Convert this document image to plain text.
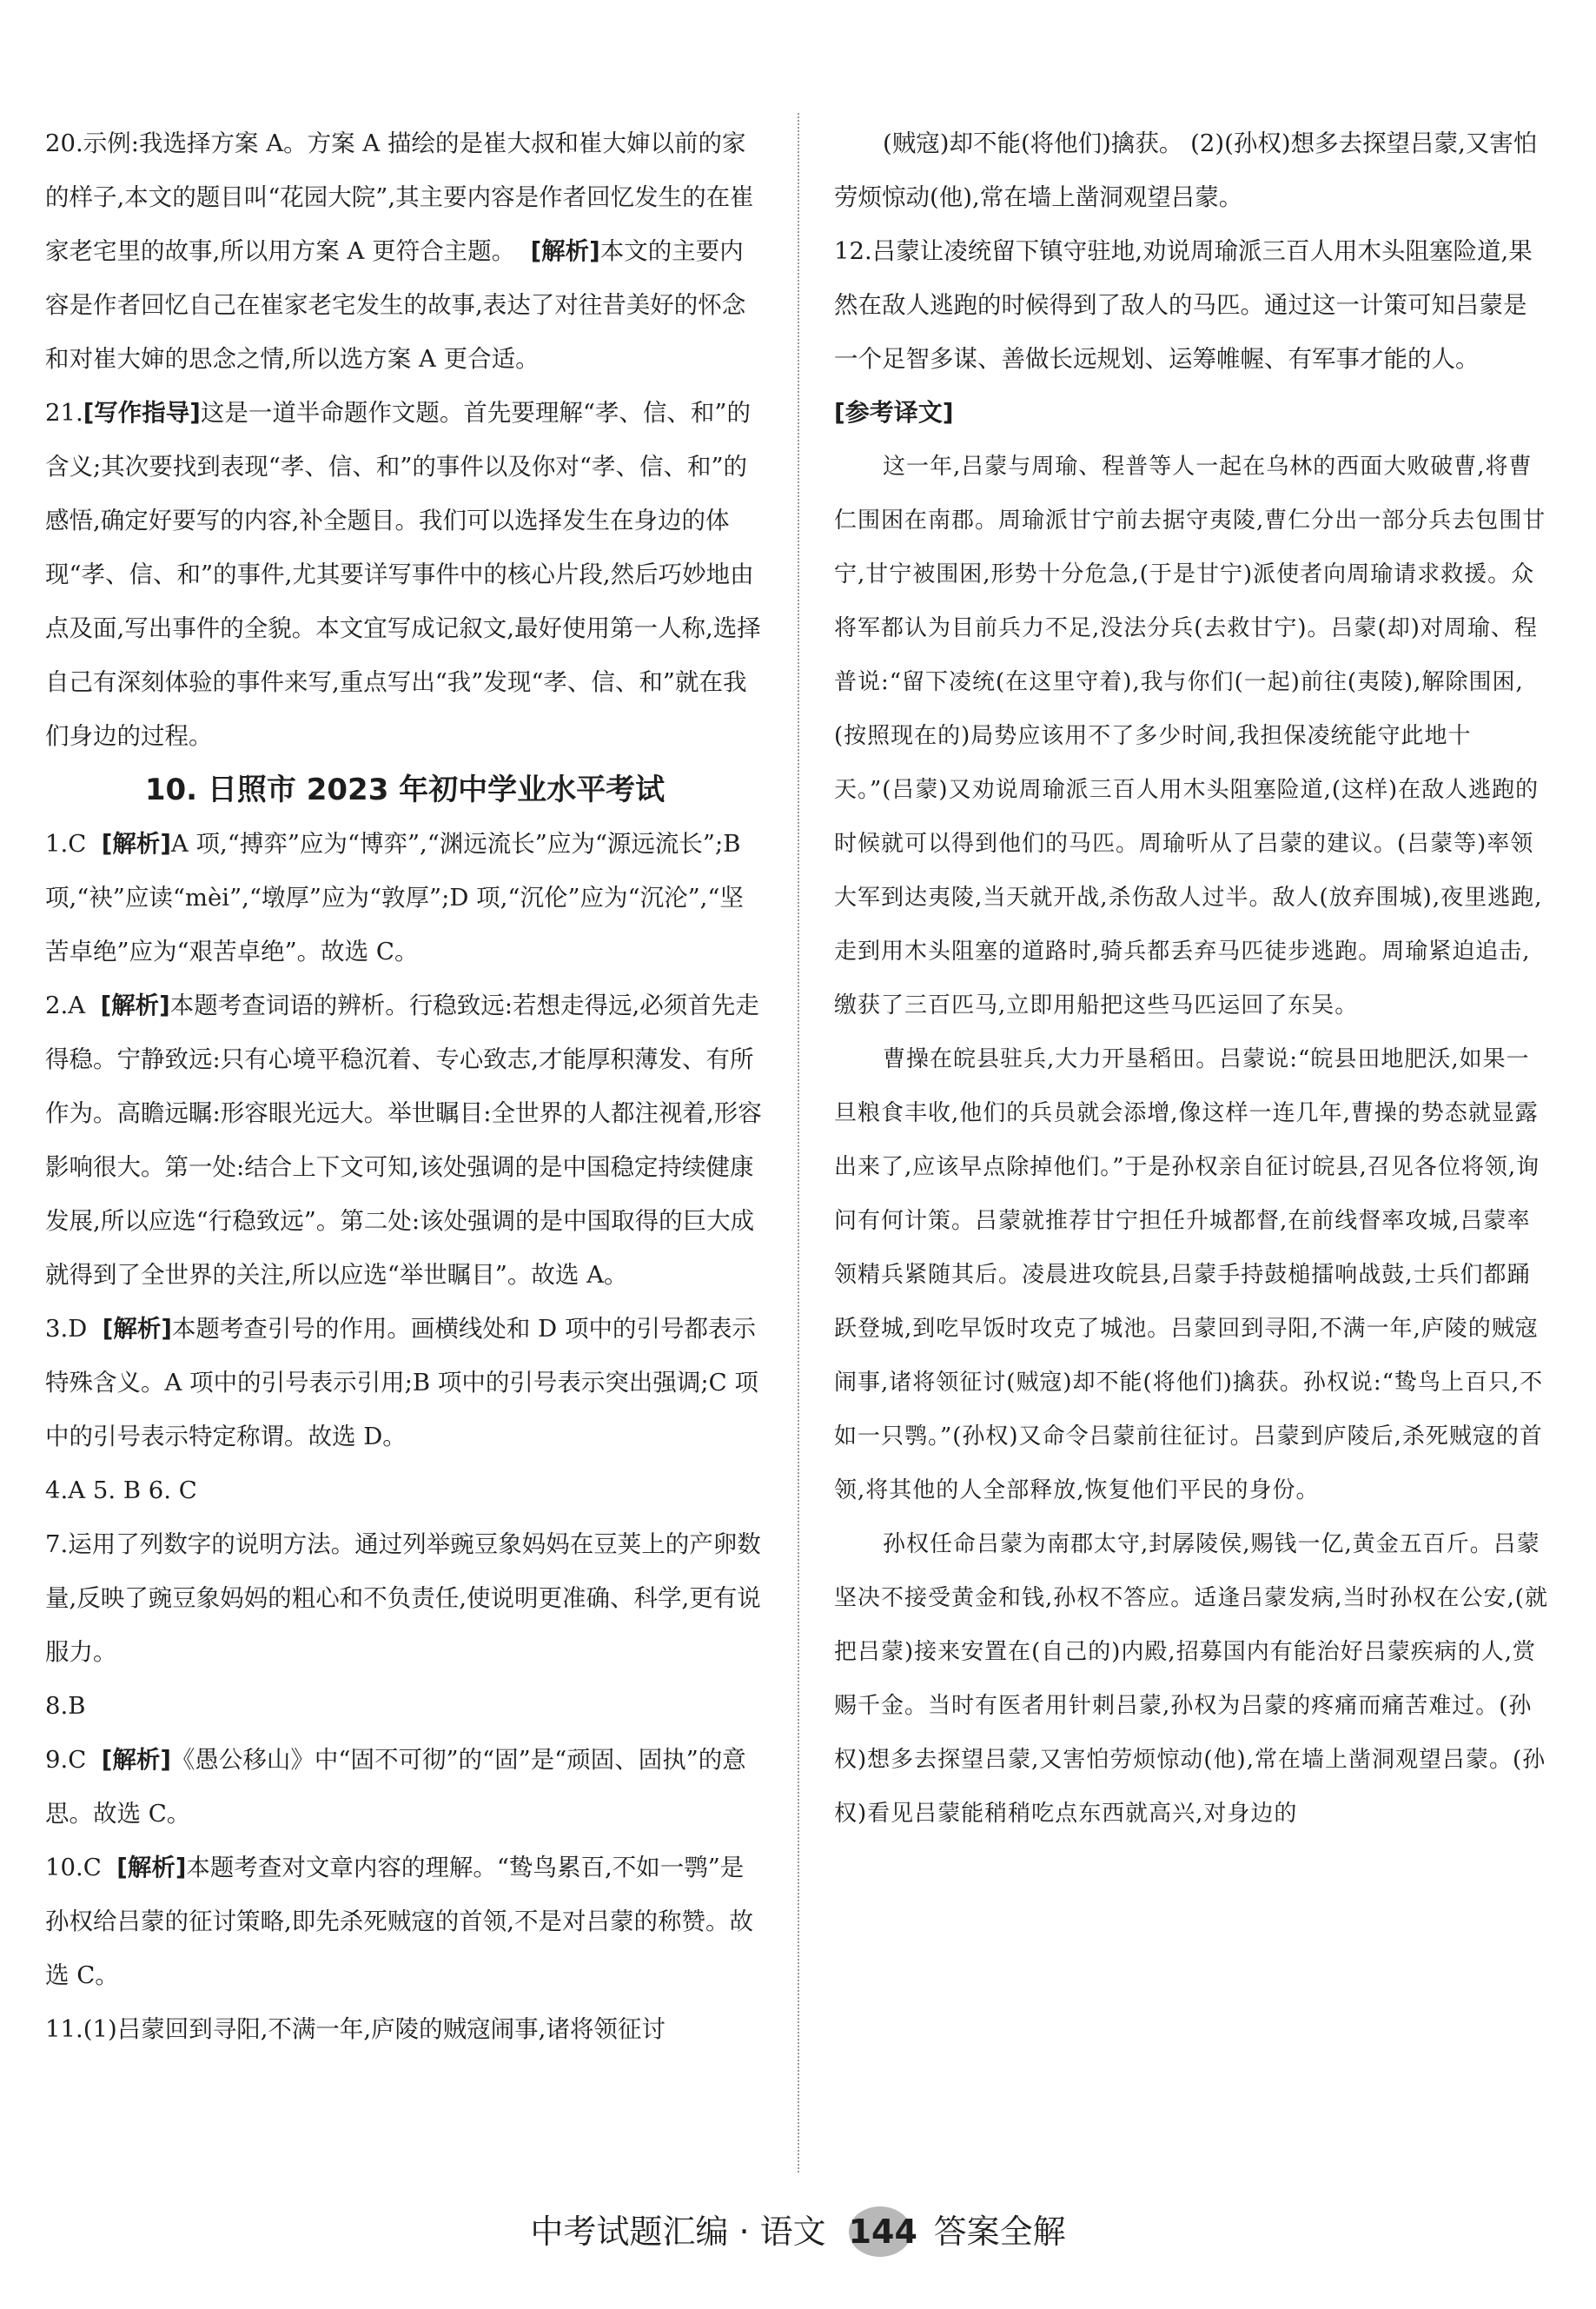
20.示例:我选择方案 A。方案 A 描绘的是崔大叔和崔大婶以前的家的样子,本文的题目叫“花园大院”,其主要内容是作者回忆发生的在崔家老宅里的故事,所以用方案 A 更符合主题。 [解析]本文的主要内容是作者回忆自己在崔家老宅发生的故事,表达了对往昔美好的怀念和对崔大婶的思念之情,所以选方案 A 更合适。

21.[写作指导]这是一道半命题作文题。首先要理解“孝、信、和”的含义;其次要找到表现“孝、信、和”的事件以及你对“孝、信、和”的感悟,确定好要写的内容,补全题目。我们可以选择发生在身边的体现“孝、信、和”的事件,尤其要详写事件中的核心片段,然后巧妙地由点及面,写出事件的全貌。本文宜写成记叙文,最好使用第一人称,选择自己有深刻体验的事件来写,重点写出“我”发现“孝、信、和”就在我们身边的过程。

10. 日照市 2023 年初中学业水平考试

1.C [解析]A 项,“搏弈”应为“博弈”,“渊远流长”应为“源远流长”;B 项,“袂”应读“mèi”,“墩厚”应为“敦厚”;D 项,“沉伦”应为“沉沦”,“坚苦卓绝”应为“艰苦卓绝”。故选 C。

2.A [解析]本题考查词语的辨析。行稳致远:若想走得远,必须首先走得稳。宁静致远:只有心境平稳沉着、专心致志,才能厚积薄发、有所作为。高瞻远瞩:形容眼光远大。举世瞩目:全世界的人都注视着,形容影响很大。第一处:结合上下文可知,该处强调的是中国稳定持续健康发展,所以应选“行稳致远”。第二处:该处强调的是中国取得的巨大成就得到了全世界的关注,所以应选“举世瞩目”。故选 A。

3.D [解析]本题考查引号的作用。画横线处和 D 项中的引号都表示特殊含义。A 项中的引号表示引用;B 项中的引号表示突出强调;C 项中的引号表示特定称谓。故选 D。

4.A 5. B 6. C

7.运用了列数字的说明方法。通过列举豌豆象妈妈在豆荚上的产卵数量,反映了豌豆象妈妈的粗心和不负责任,使说明更准确、科学,更有说服力。

8.B

9.C [解析]《愚公移山》中“固不可彻”的“固”是“顽固、固执”的意思。故选 C。

10.C [解析]本题考查对文章内容的理解。“鸷鸟累百,不如一鹗”是孙权给吕蒙的征讨策略,即先杀死贼寇的首领,不是对吕蒙的称赞。故选 C。

11.(1)吕蒙回到寻阳,不满一年,庐陵的贼寇闹事,诸将领征讨

(贼寇)却不能(将他们)擒获。 (2)(孙权)想多去探望吕蒙,又害怕劳烦惊动(他),常在墙上凿洞观望吕蒙。

12.吕蒙让凌统留下镇守驻地,劝说周瑜派三百人用木头阻塞险道,果然在敌人逃跑的时候得到了敌人的马匹。通过这一计策可知吕蒙是一个足智多谋、善做长远规划、运筹帷幄、有军事才能的人。

[参考译文]

这一年,吕蒙与周瑜、程普等人一起在乌林的西面大败破曹,将曹仁围困在南郡。周瑜派甘宁前去据守夷陵,曹仁分出一部分兵去包围甘宁,甘宁被围困,形势十分危急,(于是甘宁)派使者向周瑜请求救援。众将军都认为目前兵力不足,没法分兵(去救甘宁)。吕蒙(却)对周瑜、程普说:“留下凌统(在这里守着),我与你们(一起)前往(夷陵),解除围困,(按照现在的)局势应该用不了多少时间,我担保凌统能守此地十天。”(吕蒙)又劝说周瑜派三百人用木头阻塞险道,(这样)在敌人逃跑的时候就可以得到他们的马匹。周瑜听从了吕蒙的建议。(吕蒙等)率领大军到达夷陵,当天就开战,杀伤敌人过半。敌人(放弃围城),夜里逃跑,走到用木头阻塞的道路时,骑兵都丢弃马匹徒步逃跑。周瑜紧迫追击,缴获了三百匹马,立即用船把这些马匹运回了东吴。

曹操在皖县驻兵,大力开垦稻田。吕蒙说:“皖县田地肥沃,如果一旦粮食丰收,他们的兵员就会添增,像这样一连几年,曹操的势态就显露出来了,应该早点除掉他们。”于是孙权亲自征讨皖县,召见各位将领,询问有何计策。吕蒙就推荐甘宁担任升城都督,在前线督率攻城,吕蒙率领精兵紧随其后。凌晨进攻皖县,吕蒙手持鼓槌擂响战鼓,士兵们都踊跃登城,到吃早饭时攻克了城池。吕蒙回到寻阳,不满一年,庐陵的贼寇闹事,诸将领征讨(贼寇)却不能(将他们)擒获。孙权说:“鸷鸟上百只,不如一只鹗。”(孙权)又命令吕蒙前往征讨。吕蒙到庐陵后,杀死贼寇的首领,将其他的人全部释放,恢复他们平民的身份。

孙权任命吕蒙为南郡太守,封孱陵侯,赐钱一亿,黄金五百斤。吕蒙坚决不接受黄金和钱,孙权不答应。适逢吕蒙发病,当时孙权在公安,(就把吕蒙)接来安置在(自己的)内殿,招募国内有能治好吕蒙疾病的人,赏赐千金。当时有医者用针刺吕蒙,孙权为吕蒙的疼痛而痛苦难过。(孙权)想多去探望吕蒙,又害怕劳烦惊动(他),常在墙上凿洞观望吕蒙。(孙权)看见吕蒙能稍稍吃点东西就高兴,对身边的

中考试题汇编 · 语文 144 答案全解
